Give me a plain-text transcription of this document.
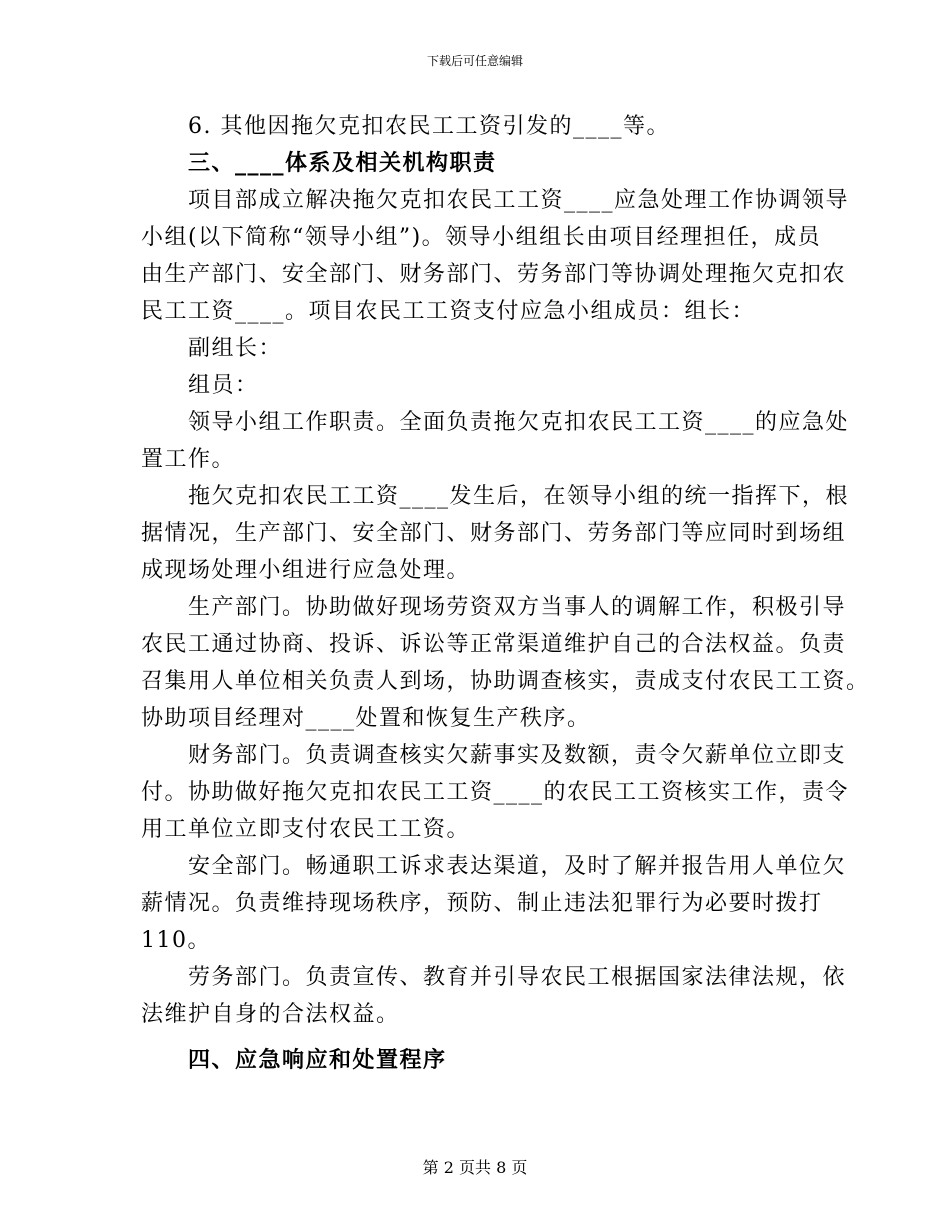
下载后可任意编辑
6. 其他因拖欠克扣农民工工资引发的____等。
三、____体系及相关机构职责
项目部成立解决拖欠克扣农民工工资____应急处理工作协调领导
小组(以下简称“领导小组”)。领导小组组长由项目经理担任，成员
由生产部门、安全部门、财务部门、劳务部门等协调处理拖欠克扣农
民工工资____。项目农民工工资支付应急小组成员：组长：
副组长：
组员：
领导小组工作职责。全面负责拖欠克扣农民工工资____的应急处
置工作。
拖欠克扣农民工工资____发生后，在领导小组的统一指挥下，根
据情况，生产部门、安全部门、财务部门、劳务部门等应同时到场组
成现场处理小组进行应急处理。
生产部门。协助做好现场劳资双方当事人的调解工作，积极引导
农民工通过协商、投诉、诉讼等正常渠道维护自己的合法权益。负责
召集用人单位相关负责人到场，协助调查核实，责成支付农民工工资。
协助项目经理对____处置和恢复生产秩序。
财务部门。负责调查核实欠薪事实及数额，责令欠薪单位立即支
付。协助做好拖欠克扣农民工工资____的农民工工资核实工作，责令
用工单位立即支付农民工工资。
安全部门。畅通职工诉求表达渠道，及时了解并报告用人单位欠
薪情况。负责维持现场秩序，预防、制止违法犯罪行为必要时拨打
110。
劳务部门。负责宣传、教育并引导农民工根据国家法律法规，依
法维护自身的合法权益。
四、应急响应和处置程序
第 2 页共 8 页
